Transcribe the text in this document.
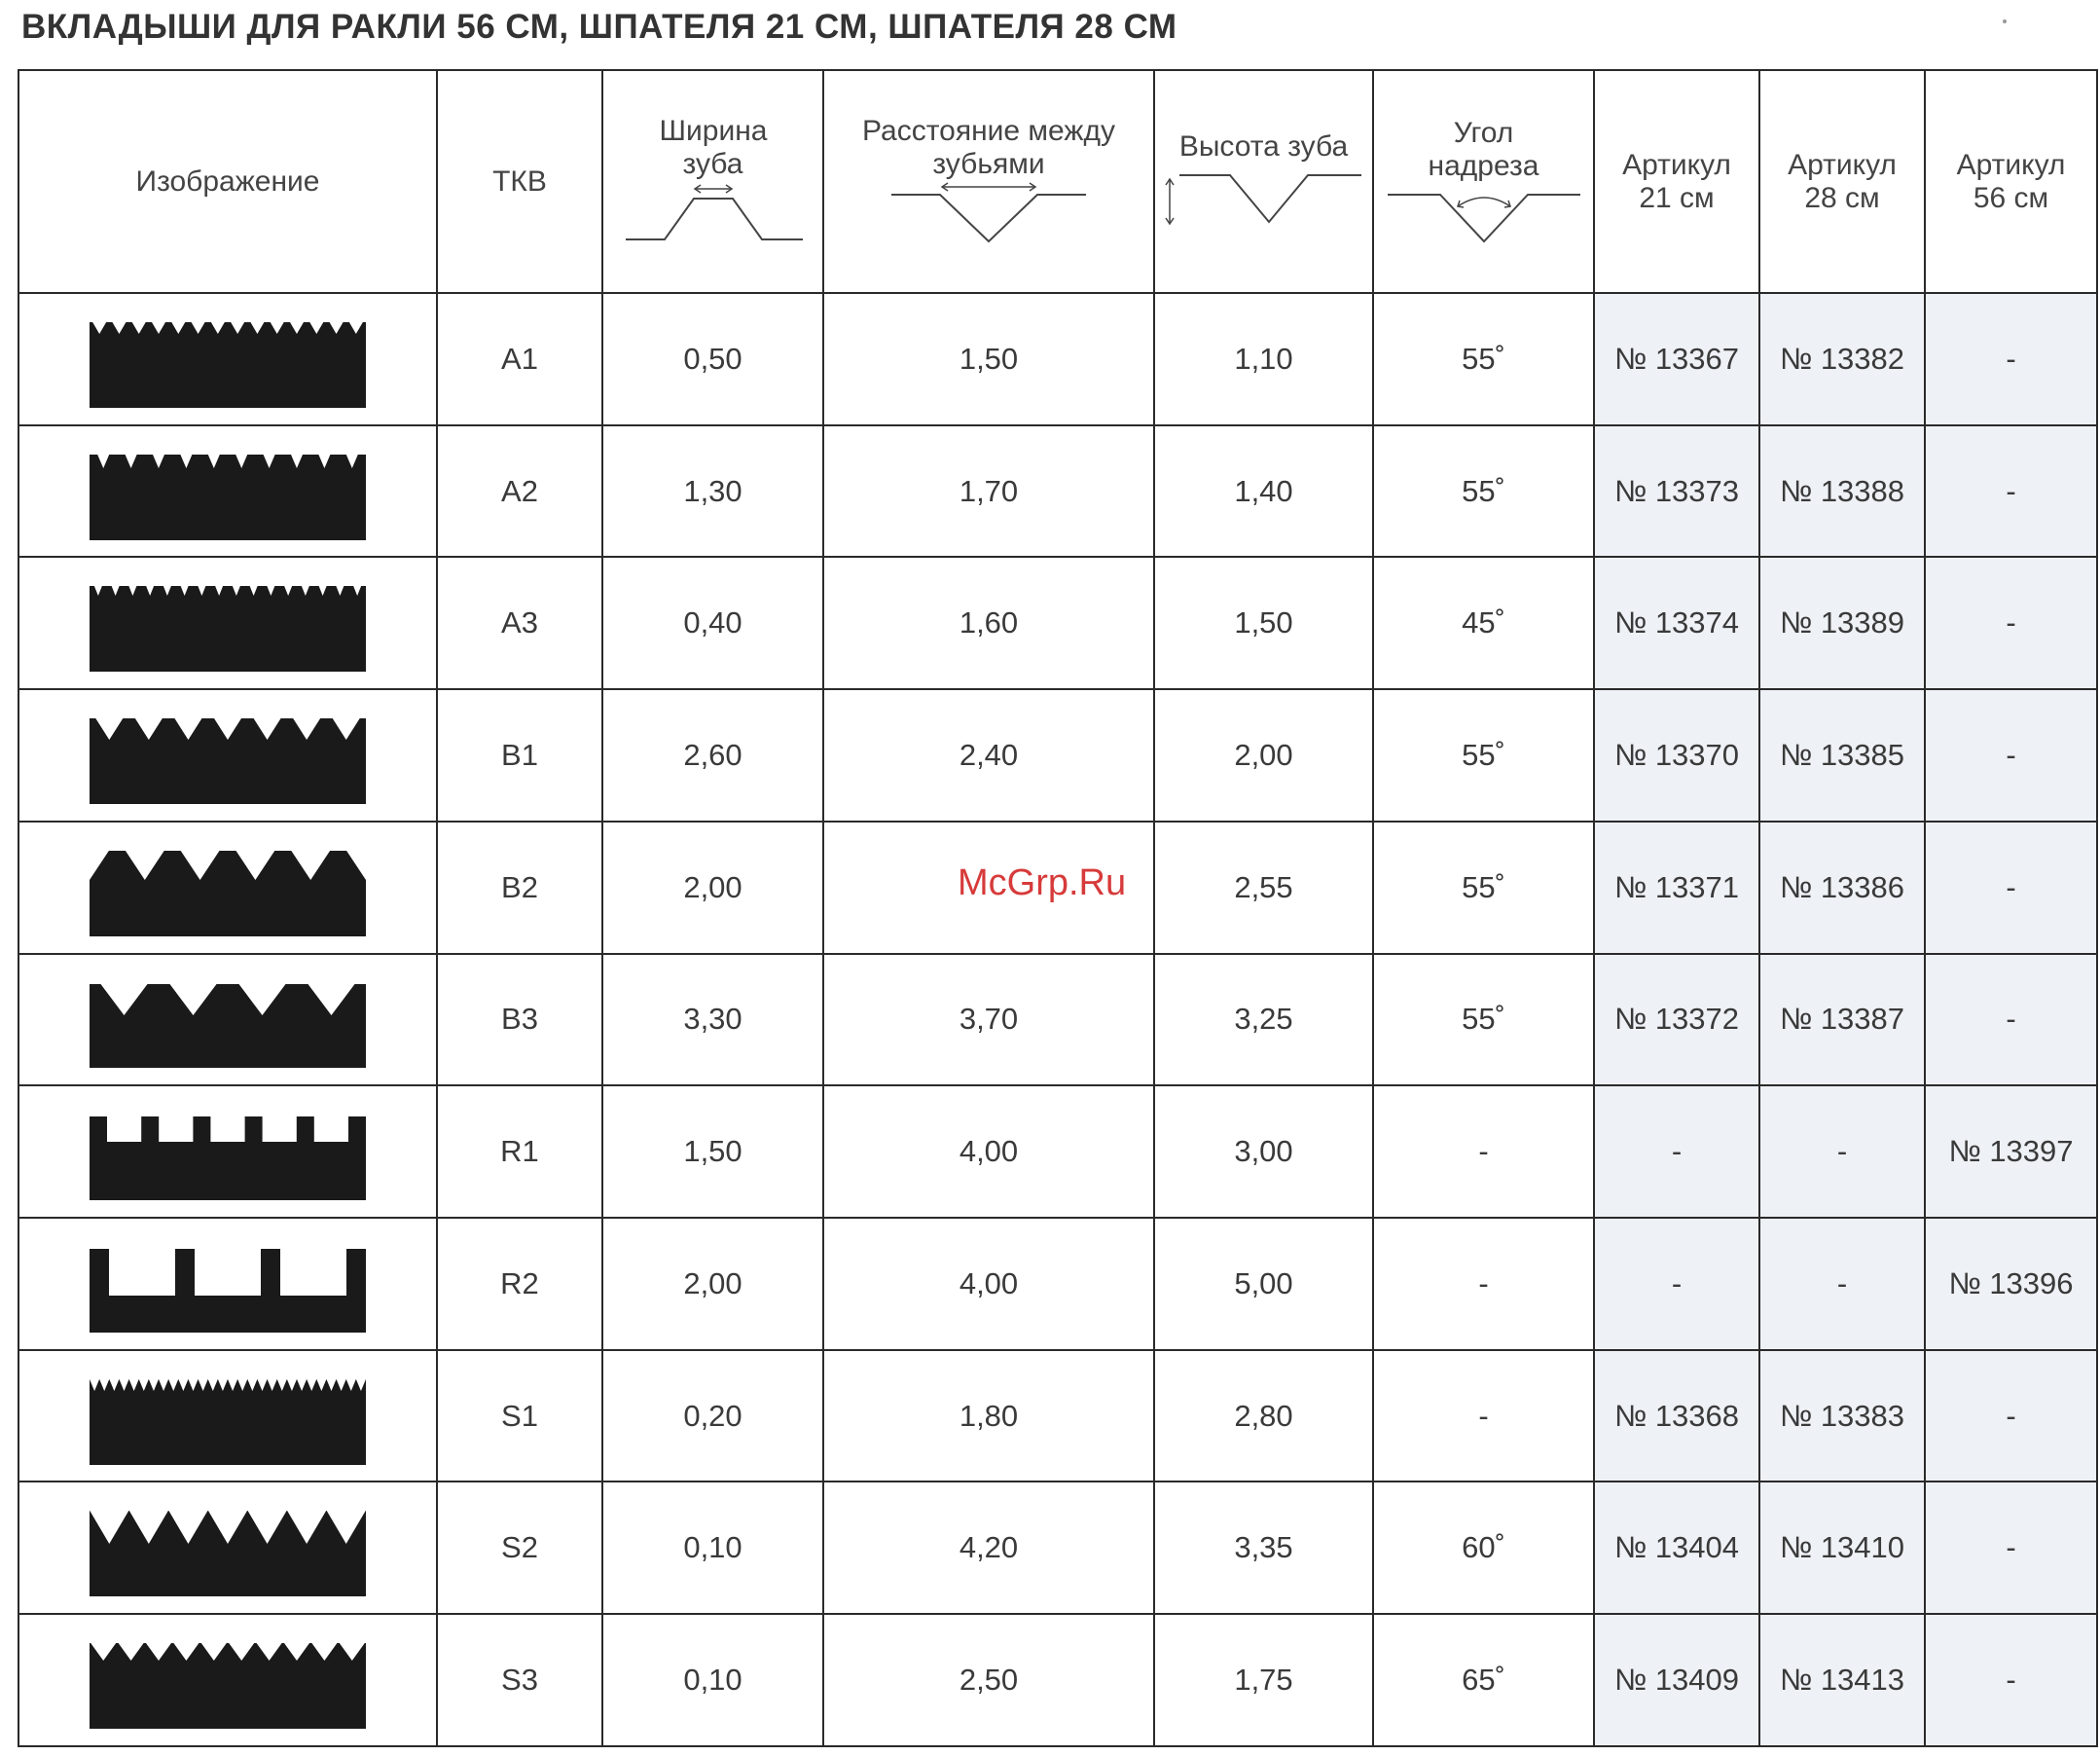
ВКЛАДЫШИ ДЛЯ РАКЛИ 56 СМ, ШПАТЕЛЯ 21 СМ, ШПАТЕЛЯ 28 СМ
Изображение	ТКВ	Ширина зуба	Расстояние между зубьями	Высота зуба	Угол надреза	Артикул 21 см	Артикул 28 см	Артикул 56 см

	A1	0,50	1,50	1,10	55˚	№ 13367	№ 13382	-

	A2	1,30	1,70	1,40	55˚	№ 13373	№ 13388	-

	A3	0,40	1,60	1,50	45˚	№ 13374	№ 13389	-

	B1	2,60	2,40	2,00	55˚	№ 13370	№ 13385	-

	B2	2,00		2,55	55˚	№ 13371	№ 13386	-

	B3	3,30	3,70	3,25	55˚	№ 13372	№ 13387	-

	R1	1,50	4,00	3,00	-	-	-	№ 13397

	R2	2,00	4,00	5,00	-	-	-	№ 13396

	S1	0,20	1,80	2,80	-	№ 13368	№ 13383	-

	S2	0,10	4,20	3,35	60˚	№ 13404	№ 13410	-

	S3	0,10	2,50	1,75	65˚	№ 13409	№ 13413	-
McGrp.Ru
